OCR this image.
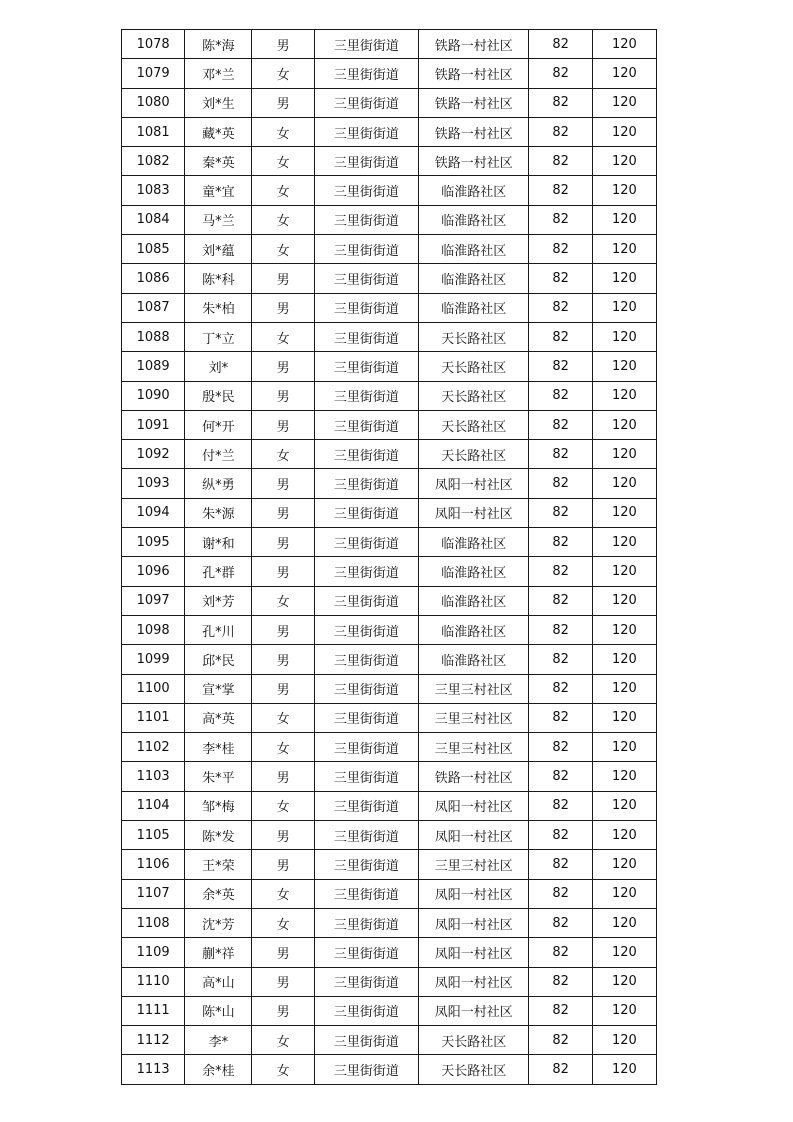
1078	陈*海	男	三里街街道	铁路一村社区	82	120
1079	邓*兰	女	三里街街道	铁路一村社区	82	120
1080	刘*生	男	三里街街道	铁路一村社区	82	120
1081	藏*英	女	三里街街道	铁路一村社区	82	120
1082	秦*英	女	三里街街道	铁路一村社区	82	120
1083	童*宜	女	三里街街道	临淮路社区	82	120
1084	马*兰	女	三里街街道	临淮路社区	82	120
1085	刘*蕴	女	三里街街道	临淮路社区	82	120
1086	陈*科	男	三里街街道	临淮路社区	82	120
1087	朱*柏	男	三里街街道	临淮路社区	82	120
1088	丁*立	女	三里街街道	天长路社区	82	120
1089	刘*	男	三里街街道	天长路社区	82	120
1090	殷*民	男	三里街街道	天长路社区	82	120
1091	何*开	男	三里街街道	天长路社区	82	120
1092	付*兰	女	三里街街道	天长路社区	82	120
1093	纵*勇	男	三里街街道	凤阳一村社区	82	120
1094	朱*源	男	三里街街道	凤阳一村社区	82	120
1095	谢*和	男	三里街街道	临淮路社区	82	120
1096	孔*群	男	三里街街道	临淮路社区	82	120
1097	刘*芳	女	三里街街道	临淮路社区	82	120
1098	孔*川	男	三里街街道	临淮路社区	82	120
1099	邱*民	男	三里街街道	临淮路社区	82	120
1100	宣*掌	男	三里街街道	三里三村社区	82	120
1101	高*英	女	三里街街道	三里三村社区	82	120
1102	李*桂	女	三里街街道	三里三村社区	82	120
1103	朱*平	男	三里街街道	铁路一村社区	82	120
1104	邹*梅	女	三里街街道	凤阳一村社区	82	120
1105	陈*发	男	三里街街道	凤阳一村社区	82	120
1106	王*荣	男	三里街街道	三里三村社区	82	120
1107	余*英	女	三里街街道	凤阳一村社区	82	120
1108	沈*芳	女	三里街街道	凤阳一村社区	82	120
1109	蒯*祥	男	三里街街道	凤阳一村社区	82	120
1110	高*山	男	三里街街道	凤阳一村社区	82	120
1111	陈*山	男	三里街街道	凤阳一村社区	82	120
1112	李*	女	三里街街道	天长路社区	82	120
1113	余*桂	女	三里街街道	天长路社区	82	120
